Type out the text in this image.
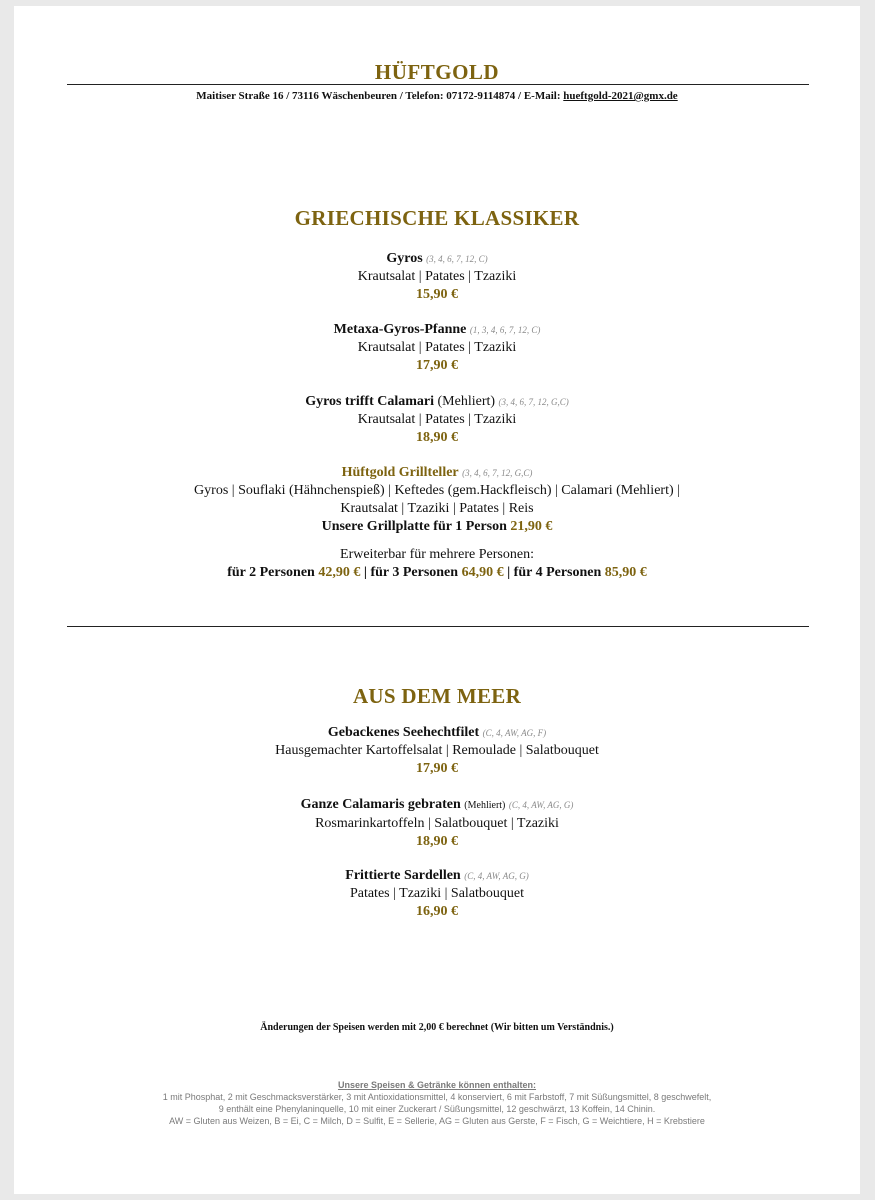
HÜFTGOLD
Maitiser Straße 16 / 73116 Wäschenbeuren / Telefon: 07172-9114874 / E-Mail: hueftgold-2021@gmx.de
GRIECHISCHE KLASSIKER
Gyros (3, 4, 6, 7, 12, C)
Krautsalat | Patates | Tzaziki
15,90 €
Metaxa-Gyros-Pfanne (1, 3, 4, 6, 7, 12, C)
Krautsalat | Patates | Tzaziki
17,90 €
Gyros trifft Calamari (Mehliert) (3, 4, 6, 7, 12, G,C)
Krautsalat | Patates | Tzaziki
18,90 €
Hüftgold Grillteller (3, 4, 6, 7, 12, G,C)
Gyros | Souflaki (Hähnchenspieß) | Keftedes (gem.Hackfleisch) | Calamari (Mehliert) |
Krautsalat | Tzaziki | Patates | Reis
Unsere Grillplatte für 1 Person 21,90 €
Erweiterbar für mehrere Personen:
für 2 Personen 42,90 € | für 3 Personen 64,90 € | für 4 Personen 85,90 €
AUS DEM MEER
Gebackenes Seehechtfilet (C, 4, AW, AG, F)
Hausgemachter Kartoffelsalat | Remoulade | Salatbouquet
17,90 €
Ganze Calamaris gebraten (Mehliert) (C, 4, AW, AG, G)
Rosmarinkartoffeln | Salatbouquet | Tzaziki
18,90 €
Frittierte Sardellen (C, 4, AW, AG, G)
Patates | Tzaziki | Salatbouquet
16,90 €
Änderungen der Speisen werden mit 2,00 € berechnet (Wir bitten um Verständnis.)
Unsere Speisen & Getränke können enthalten:
1 mit Phosphat, 2 mit Geschmacksverstärker, 3 mit Antioxidationsmittel, 4 konserviert, 6 mit Farbstoff, 7 mit Süßungsmittel, 8 geschwefelt,
9 enthält eine Phenylaninquelle, 10 mit einer Zuckerart / Süßungsmittel, 12 geschwärzt, 13 Koffein, 14 Chinin.
AW = Gluten aus Weizen, B = Ei, C = Milch, D = Sulfit, E = Sellerie, AG = Gluten aus Gerste, F = Fisch, G = Weichtiere, H = Krebstiere
